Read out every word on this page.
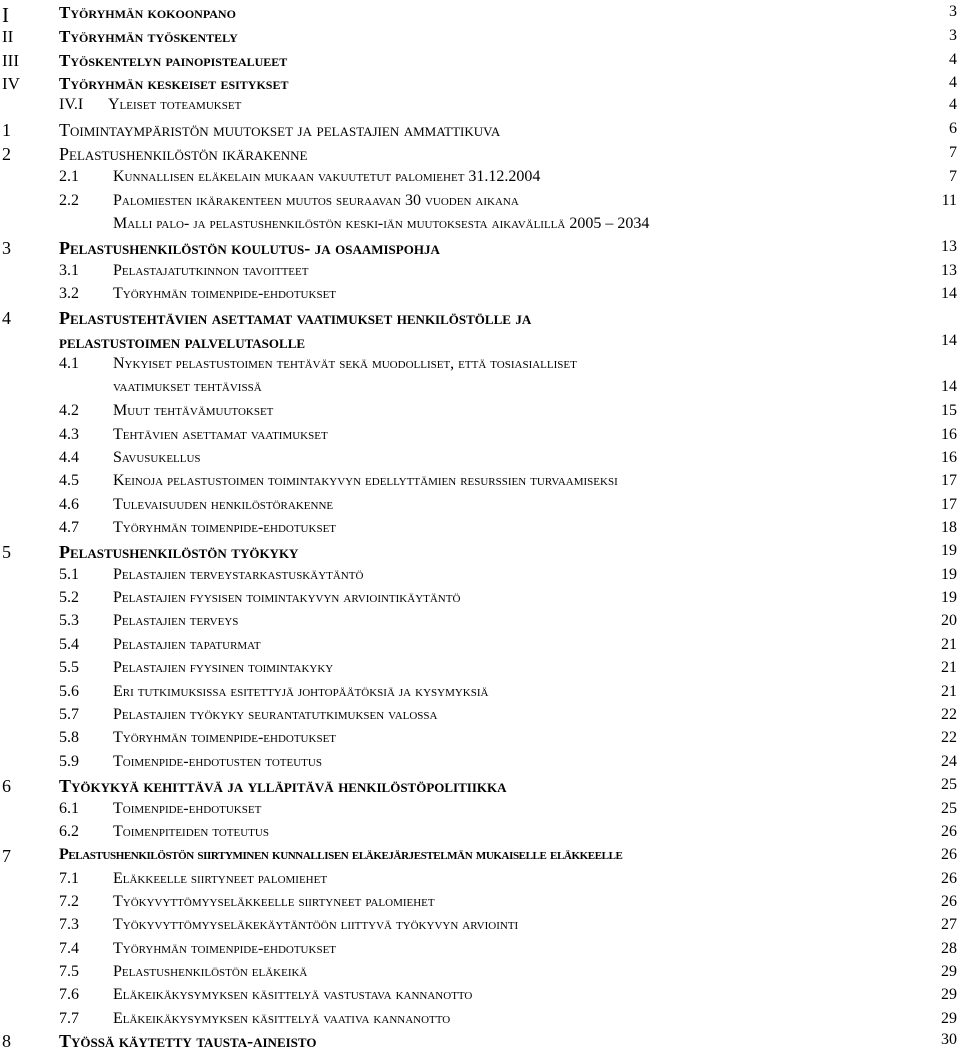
I	Työryhmän kokoonpano	3
II	Työryhmän työskentely	3
III Työskentelyn painopistealueet	4
IV Työryhmän keskeiset esitykset	4
IV.I Yleiset toteamukset	4
1	Toimintaympäristön muutokset ja pelastajien ammattikuva	6
2	Pelastushenkilöstön ikärakenne	7
2.1 Kunnallisen eläkelain mukaan vakuutetut palomiehet 31.12.2004	7
2.2 Palomiesten ikärakenteen muutos seuraavan 30 vuoden aikana	11
Malli palo- ja pelastushenkilöstön keski-iän muutoksesta aikavälillä 2005 – 2034
3	Pelastushenkilöstön koulutus- ja osaamispohja	13
3.1 Pelastajatutkinnon tavoitteet	13
3.2 Työryhmän toimenpide-ehdotukset	14
4	Pelastustehtävien asettamat vaatimukset henkilöstölle ja
pelastustoimen palvelutasolle	14
4.1 Nykyiset pelastustoimen tehtävät sekä muodolliset, että tosiasialliset
vaatimukset tehtävissä	14
4.2 Muut tehtävämuutokset	15
4.3 Tehtävien asettamat vaatimukset	16
4.4 Savusukellus	16
4.5 Keinoja pelastustoimen toimintakyvyn edellyttämien resurssien turvaamiseksi	17
4.6 Tulevaisuuden henkilöstörakenne	17
4.7 Työryhmän toimenpide-ehdotukset	18
5	Pelastushenkilöstön työkyky	19
5.1 Pelastajien terveystarkastuskäytäntö	19
5.2 Pelastajien fyysisen toimintakyvyn arviointikäytäntö	19
5.3 Pelastajien terveys	20
5.4 Pelastajien tapaturmat	21
5.5 Pelastajien fyysinen toimintakyky	21
5.6 Eri tutkimuksissa esitettyjä johtopäätöksiä ja kysymyksiä	21
5.7 Pelastajien työkyky seurantatutkimuksen valossa	22
5.8 Työryhmän toimenpide-ehdotukset	22
5.9 Toimenpide-ehdotusten toteutus	24
6	Työkykyä kehittävä ja ylläpitävä henkilöstöpolitiikka	25
6.1 Toimenpide-ehdotukset	25
6.2 Toimenpiteiden toteutus	26
7	Pelastushenkilöstön siirtyminen kunnallisen eläkejärjestelmän mukaiselle eläkkeelle	26
7.1 Eläkkeelle siirtyneet palomiehet	26
7.2 Työkyvyttömyyseläkkeelle siirtyneet palomiehet	26
7.3 Työkyvyttömyyseläkekäytäntöön liittyvä työkyvyn arviointi	27
7.4 Työryhmän toimenpide-ehdotukset	28
7.5 Pelastushenkilöstön eläkeikä	29
7.6 Eläkeikäkysymyksen käsittelyä vastustava kannanotto	29
7.7 Eläkeikäkysymyksen käsittelyä vaativa kannanotto	29
8	Työssä käytetty tausta-aineisto	30
